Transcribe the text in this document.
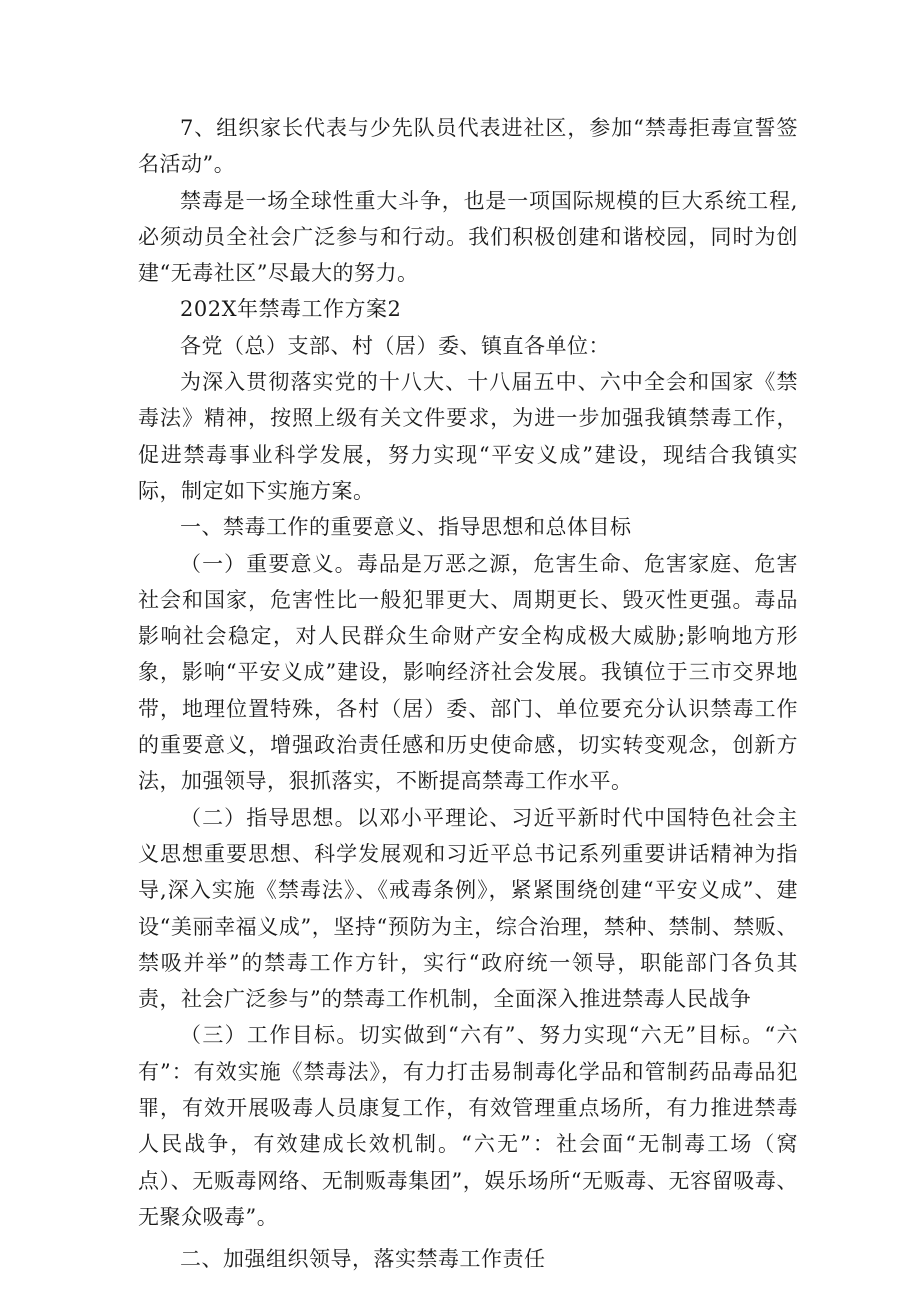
7、组织家长代表与少先队员代表进社区，参加“禁毒拒毒宣誓签名活动”。

禁毒是一场全球性重大斗争，也是一项国际规模的巨大系统工程,必须动员全社会广泛参与和行动。我们积极创建和谐校园，同时为创建“无毒社区”尽最大的努力。

202X年禁毒工作方案2

各党（总）支部、村（居）委、镇直各单位：

为深入贯彻落实党的十八大、十八届五中、六中全会和国家《禁毒法》精神，按照上级有关文件要求，为进一步加强我镇禁毒工作，促进禁毒事业科学发展，努力实现“平安义成”建设，现结合我镇实际，制定如下实施方案。

一、禁毒工作的重要意义、指导思想和总体目标

（一）重要意义。毒品是万恶之源，危害生命、危害家庭、危害社会和国家，危害性比一般犯罪更大、周期更长、毁灭性更强。毒品影响社会稳定，对人民群众生命财产安全构成极大威胁;影响地方形象，影响“平安义成”建设，影响经济社会发展。我镇位于三市交界地带，地理位置特殊，各村（居）委、部门、单位要充分认识禁毒工作的重要意义，增强政治责任感和历史使命感，切实转变观念，创新方法，加强领导，狠抓落实，不断提高禁毒工作水平。

（二）指导思想。以邓小平理论、习近平新时代中国特色社会主义思想重要思想、科学发展观和习近平总书记系列重要讲话精神为指导,深入实施《禁毒法》、《戒毒条例》，紧紧围绕创建“平安义成”、建设“美丽幸福义成”，坚持“预防为主，综合治理，禁种、禁制、禁贩、禁吸并举”的禁毒工作方针，实行“政府统一领导，职能部门各负其责，社会广泛参与”的禁毒工作机制，全面深入推进禁毒人民战争

（三）工作目标。切实做到“六有”、努力实现“六无”目标。“六有”：有效实施《禁毒法》，有力打击易制毒化学品和管制药品毒品犯罪，有效开展吸毒人员康复工作，有效管理重点场所，有力推进禁毒人民战争，有效建成长效机制。“六无”：社会面“无制毒工场（窝点）、无贩毒网络、无制贩毒集团”，娱乐场所“无贩毒、无容留吸毒、无聚众吸毒”。

二、加强组织领导，落实禁毒工作责任
